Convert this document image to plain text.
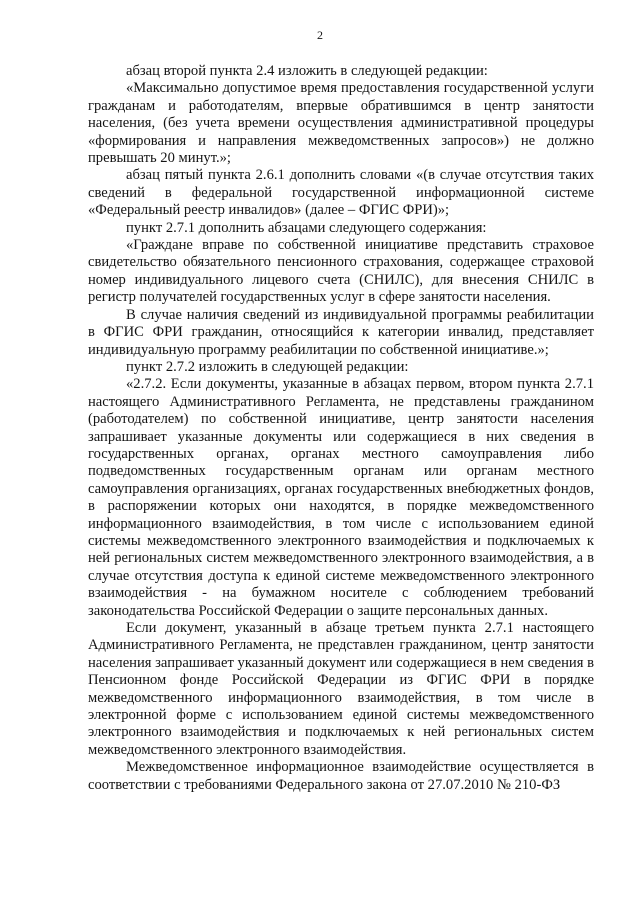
2

абзац второй пункта 2.4 изложить в следующей редакции:

«Максимально допустимое время предоставления государственной услуги гражданам и работодателям, впервые обратившимся в центр занятости населения, (без учета времени осуществления административной процедуры «формирования и направления межведомственных запросов») не должно превышать 20 минут.»;

абзац пятый пункта 2.6.1 дополнить словами «(в случае отсутствия таких сведений в федеральной государственной информационной системе «Федеральный реестр инвалидов» (далее – ФГИС ФРИ)»;

пункт 2.7.1 дополнить абзацами следующего содержания:

«Граждане вправе по собственной инициативе представить страховое свидетельство обязательного пенсионного страхования, содержащее страховой номер индивидуального лицевого счета (СНИЛС), для внесения СНИЛС в регистр получателей государственных услуг в сфере занятости населения.

В случае наличия сведений из индивидуальной программы реабилитации в ФГИС ФРИ гражданин, относящийся к категории инвалид, представляет индивидуальную программу реабилитации по собственной инициативе.»;

пункт 2.7.2 изложить в следующей редакции:

«2.7.2. Если документы, указанные в абзацах первом, втором пункта 2.7.1 настоящего Административного Регламента, не представлены гражданином (работодателем) по собственной инициативе, центр занятости населения запрашивает указанные документы или содержащиеся в них сведения в государственных органах, органах местного самоуправления либо подведомственных государственным органам или органам местного самоуправления организациях, органах государственных внебюджетных фондов, в распоряжении которых они находятся, в порядке межведомственного информационного взаимодействия, в том числе с использованием единой системы межведомственного электронного взаимодействия и подключаемых к ней региональных систем межведомственного электронного взаимодействия, а в случае отсутствия доступа к единой системе межведомственного электронного взаимодействия - на бумажном носителе с соблюдением требований законодательства Российской Федерации о защите персональных данных.

Если документ, указанный в абзаце третьем пункта 2.7.1 настоящего Административного Регламента, не представлен гражданином, центр занятости населения запрашивает указанный документ или содержащиеся в нем сведения в Пенсионном фонде Российской Федерации из ФГИС ФРИ в порядке межведомственного информационного взаимодействия, в том числе в электронной форме с использованием единой системы межведомственного электронного взаимодействия и подключаемых к ней региональных систем межведомственного электронного взаимодействия.

Межведомственное информационное взаимодействие осуществляется в соответствии с требованиями Федерального закона от 27.07.2010 № 210-ФЗ
